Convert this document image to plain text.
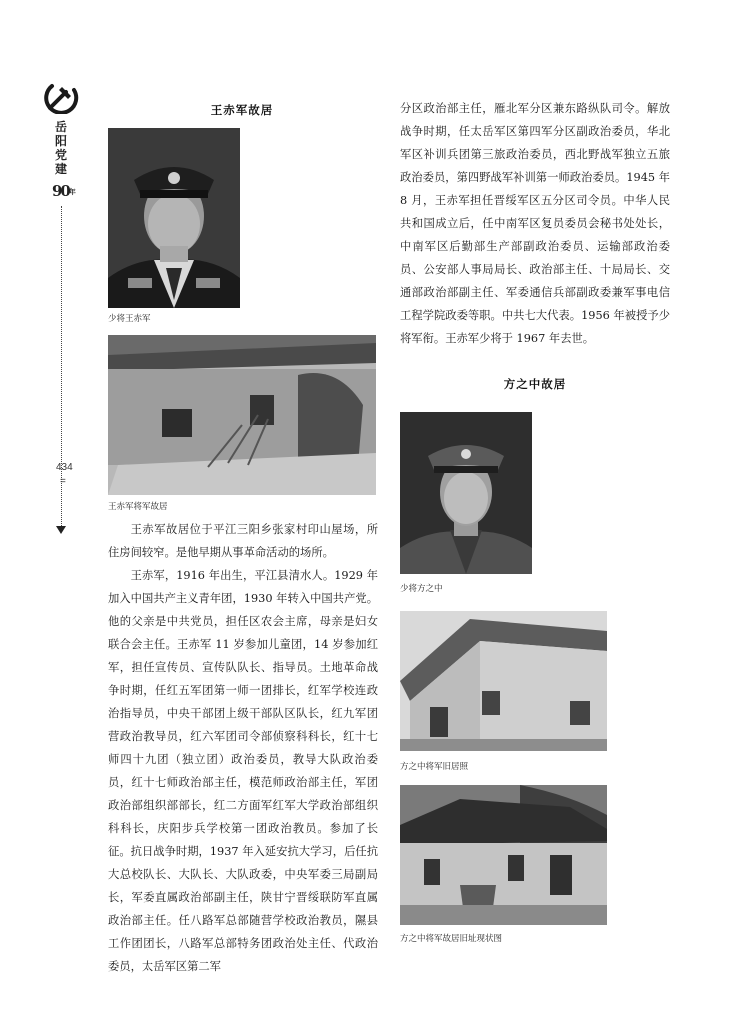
岳
阳
党
建
90年
434
=
王赤军故居
少将王赤军
王赤军将军故居

王赤军故居位于平江三阳乡张家村印山屋场，所住房间较窄。是他早期从事革命活动的场所。

王赤军，1916 年出生，平江县清水人。1929 年加入中国共产主义青年团，1930 年转入中国共产党。他的父亲是中共党员，担任区农会主席，母亲是妇女联合会主任。王赤军 11 岁参加儿童团，14 岁参加红军，担任宣传员、宣传队队长、指导员。土地革命战争时期，任红五军团第一师一团排长，红军学校连政治指导员，中央干部团上级干部队区队长，红九军团营政治教导员，红六军团司令部侦察科科长，红十七师四十九团（独立团）政治委员，教导大队政治委员，红十七师政治部主任，模范师政治部主任，军团政治部组织部部长，红二方面军红军大学政治部组织科科长，庆阳步兵学校第一团政治教员。参加了长征。抗日战争时期，1937 年入延安抗大学习，后任抗大总校队长、大队长、大队政委，中央军委三局副局长，军委直属政治部副主任，陕甘宁晋绥联防军直属政治部主任。任八路军总部随营学校政治教员，隰县工作团团长，八路军总部特务团政治处主任、代政治委员，太岳军区第二军

分区政治部主任，雁北军分区兼东路纵队司令。解放战争时期，任太岳军区第四军分区副政治委员，华北军区补训兵团第三旅政治委员，西北野战军独立五旅政治委员，第四野战军补训第一师政治委员。1945 年 8 月，王赤军担任晋绥军区五分区司令员。中华人民共和国成立后，任中南军区复员委员会秘书处处长，中南军区后勤部生产部副政治委员、运输部政治委员、公安部人事局局长、政治部主任、十局局长、交通部政治部副主任、军委通信兵部副政委兼军事电信工程学院政委等职。中共七大代表。1956 年被授予少将军衔。王赤军少将于 1967 年去世。

方之中故居
少将方之中
方之中将军旧居照
方之中将军故居旧址现状图
